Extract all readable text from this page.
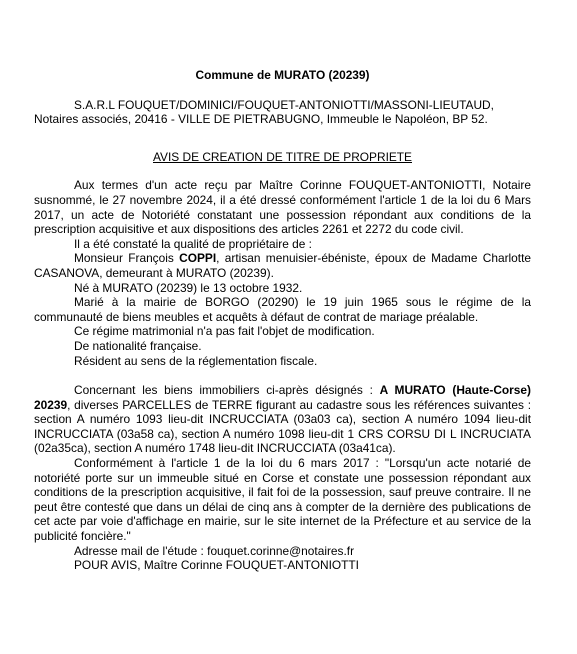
Commune de MURATO (20239)

S.A.R.L FOUQUET/DOMINICI/FOUQUET-ANTONIOTTI/MASSONI-LIEUTAUD, Notaires associés, 20416 - VILLE DE PIETRABUGNO, Immeuble le Napoléon, BP 52.

AVIS DE CREATION DE TITRE DE PROPRIETE

Aux termes d'un acte reçu par Maître Corinne FOUQUET-ANTONIOTTI, Notaire susnommé, le 27 novembre 2024, il a été dressé conformément l'article 1 de la loi du 6 Mars 2017, un acte de Notoriété constatant une possession répondant aux conditions de la prescription acquisitive et aux dispositions des articles 2261 et 2272 du code civil.

Il a été constaté la qualité de propriétaire de :

Monsieur François COPPI, artisan menuisier-ébéniste, époux de Madame Charlotte CASANOVA, demeurant à MURATO (20239).

Né à MURATO (20239) le 13 octobre 1932.

Marié à la mairie de BORGO (20290) le 19 juin 1965 sous le régime de la communauté de biens meubles et acquêts à défaut de contrat de mariage préalable.

Ce régime matrimonial n'a pas fait l'objet de modification.

De nationalité française.

Résident au sens de la réglementation fiscale.

Concernant les biens immobiliers ci-après désignés : A MURATO (Haute-Corse) 20239, diverses PARCELLES de TERRE figurant au cadastre sous les références suivantes : section A numéro 1093 lieu-dit INCRUCCIATA (03a03 ca), section A numéro 1094 lieu-dit INCRUCCIATA (03a58 ca), section A numéro 1098 lieu-dit 1 CRS CORSU DI L INCRUCIATA (02a35ca), section A numéro 1748 lieu-dit INCRUCCIATA (03a41ca).

Conformément à l'article 1 de la loi du 6 mars 2017 : "Lorsqu'un acte notarié de notoriété porte sur un immeuble situé en Corse et constate une possession répondant aux conditions de la prescription acquisitive, il fait foi de la possession, sauf preuve contraire. Il ne peut être contesté que dans un délai de cinq ans à compter de la dernière des publications de cet acte par voie d'affichage en mairie, sur le site internet de la Préfecture et au service de la publicité foncière."

Adresse mail de l'étude : fouquet.corinne@notaires.fr

POUR AVIS, Maître Corinne FOUQUET-ANTONIOTTI
